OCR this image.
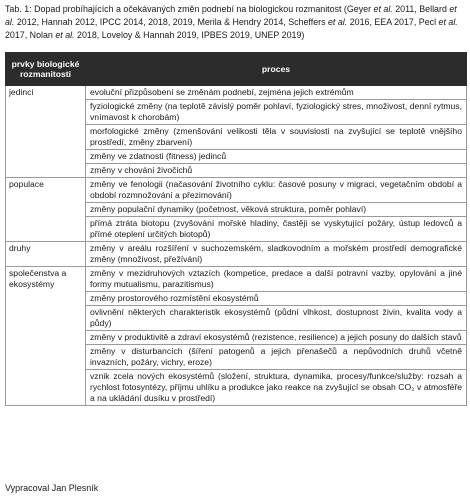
Tab. 1: Dopad probíhajících a očekávaných změn podnebí na biologickou rozmanitost (Geyer et al. 2011, Bellard et al. 2012, Hannah 2012, IPCC 2014, 2018, 2019, Merila & Hendry 2014, Scheffers et al. 2016, EEA 2017, Pecl et al. 2017, Nolan et al. 2018, Loveloy & Hannah 2019, IPBES 2019, UNEP 2019)
prvky biologické rozmanitosti	proces
jedinci	evoluční přizpůsobení se změnám podnebí, zejména jejich extrémům
	fyziologické změny (na teplotě závislý poměr pohlaví, fyziologický stres, množivost, denní rytmus, vnímavost k chorobám)
	morfologické změny (zmenšování velikosti těla v souvislosti na zvyšující se teplotě vnějšího prostředí, změny zbarvení)
	změny ve zdatnosti (fitness) jedinců
	změny v chování živočichů
populace	změny ve fenologii (načasování životního cyklu: časové posuny v migraci, vegetačním období a období rozmnožování a přezimování)
	změny populační dynamiky (početnost, věková struktura, poměr pohlaví)
	přímá ztráta biotopu (zvyšování mořské hladiny, častěji se vyskytující požáry, ústup ledovců a přímé oteplení určitých biotopů)
druhy	změny v areálu rozšíření v suchozemském, sladkovodním a mořském prostředí demografické změny (množivost, přežívání)
společenstva a ekosystémy	změny v mezidruhových vztazích (kompetice, predace a další potravní vazby, opylování a jiné formy mutualismu, parazitismus)
	změny prostorového rozmístění ekosystémů
	ovlivnění některých charakteristik ekosystémů (půdní vlhkost, dostupnost živin, kvalita vody a půdy)
	změny v produktivitě a zdraví ekosystémů (rezistence, resilience) a jejich posuny do dalších stavů
	změny v disturbancích (šíření patogenů a jejich přenašečů a nepůvodních druhů včetně invazních, požáry, vichry, eroze)
	vznik zcela nových ekosystémů (složení, struktura, dynamika, procesy/funkce/služby: rozsah a rychlost fotosyntézy, příjmu uhlíku a produkce jako reakce na zvyšující se obsah CO₂ v atmosféře a na ukládání dusíku v prostředí)
Vypracoval Jan Plesník
